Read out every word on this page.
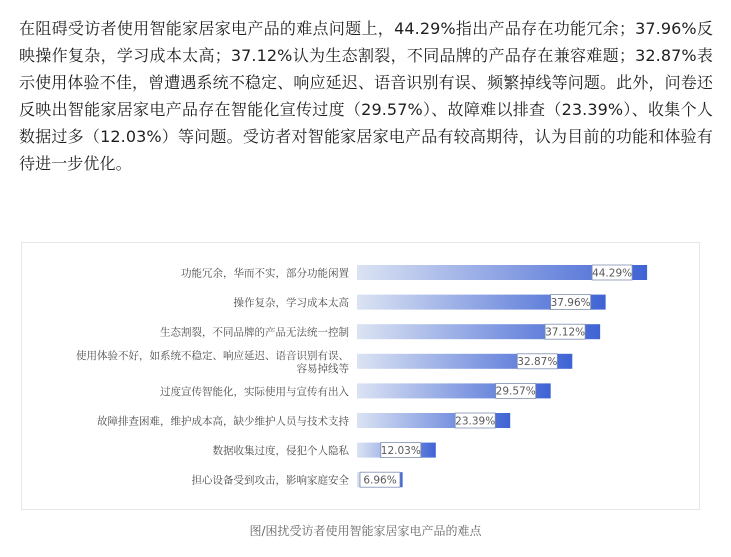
在阻碍受访者使用智能家居家电产品的难点问题上，44.29%指出产品存在功能冗余；37.96%反映操作复杂，学习成本太高；37.12%认为生态割裂，不同品牌的产品存在兼容难题；32.87%表示使用体验不佳，曾遭遇系统不稳定、响应延迟、语音识别有误、频繁掉线等问题。此外，问卷还反映出智能家居家电产品存在智能化宣传过度（29.57%）、故障难以排查（23.39%）、收集个人数据过多（12.03%）等问题。受访者对智能家居家电产品有较高期待，认为目前的功能和体验有待进一步优化。

功能冗余，华而不实，部分功能闲置	44.29%
操作复杂，学习成本太高	37.96%
生态割裂，不同品牌的产品无法统一控制	37.12%
使用体验不好，如系统不稳定、响应延迟、语音识别有误、容易掉线等
32.87%
过度宣传智能化，实际使用与宣传有出入	29.57%
故障排查困难，维护成本高，缺少维护人员与技术支持	23.39%
数据收集过度，侵犯个人隐私	12.03%
担心设备受到攻击，影响家庭安全 6.96%
图/困扰受访者使用智能家居家电产品的难点
